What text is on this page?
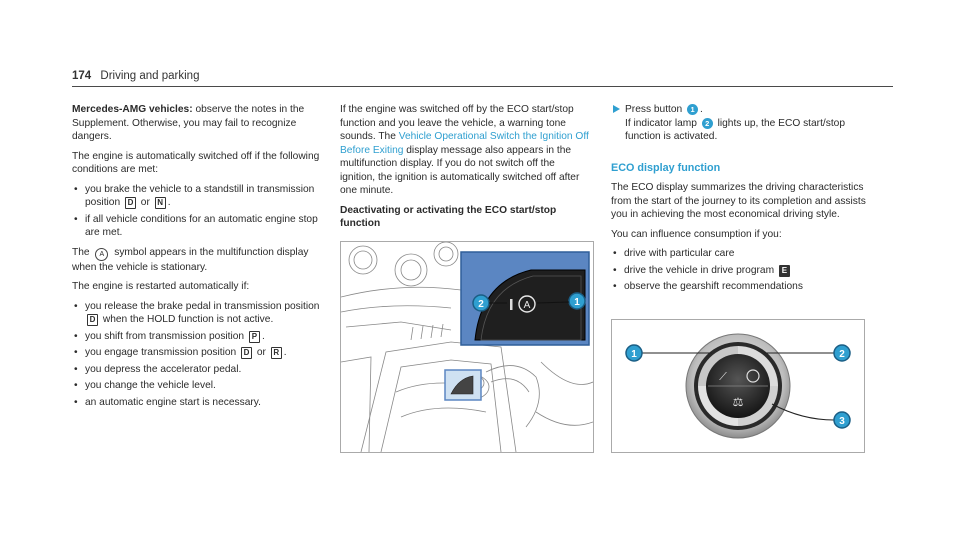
174 Driving and parking

Mercedes-AMG vehicles: observe the notes in the Supplement. Otherwise, you may fail to recognize dangers.

The engine is automatically switched off if the following conditions are met:

• you brake the vehicle to a standstill in transmission position D or N .
• if all vehicle conditions for an automatic engine stop are met.

The A symbol appears in the multifunction display when the vehicle is stationary.

The engine is restarted automatically if:

• you release the brake pedal in transmission position D when the HOLD function is not active.
• you shift from transmission position P .
• you engage transmission position D or R .
• you depress the accelerator pedal.
• you change the vehicle level.
• an automatic engine start is necessary.

If the engine was switched off by the ECO start/stop function and you leave the vehicle, a warning tone sounds. The Vehicle Operational Switch the Ignition Off Before Exiting display message also appears in the multifunction display. If you do not switch off the ignition, the ignition is automatically switched off after one minute.

Deactivating or activating the ECO start/stop function

A
2	1

Press button 1 .
If indicator lamp 2 lights up, the ECO start/stop function is activated.

ECO display function

The ECO display summarizes the driving characteristics from the start of the journey to its completion and assists you in achieving the most economical driving style.

You can influence consumption if you:

• drive with particular care
• drive the vehicle in drive program E
• observe the gearshift recommendations
⟋
⚖
1	2
3
